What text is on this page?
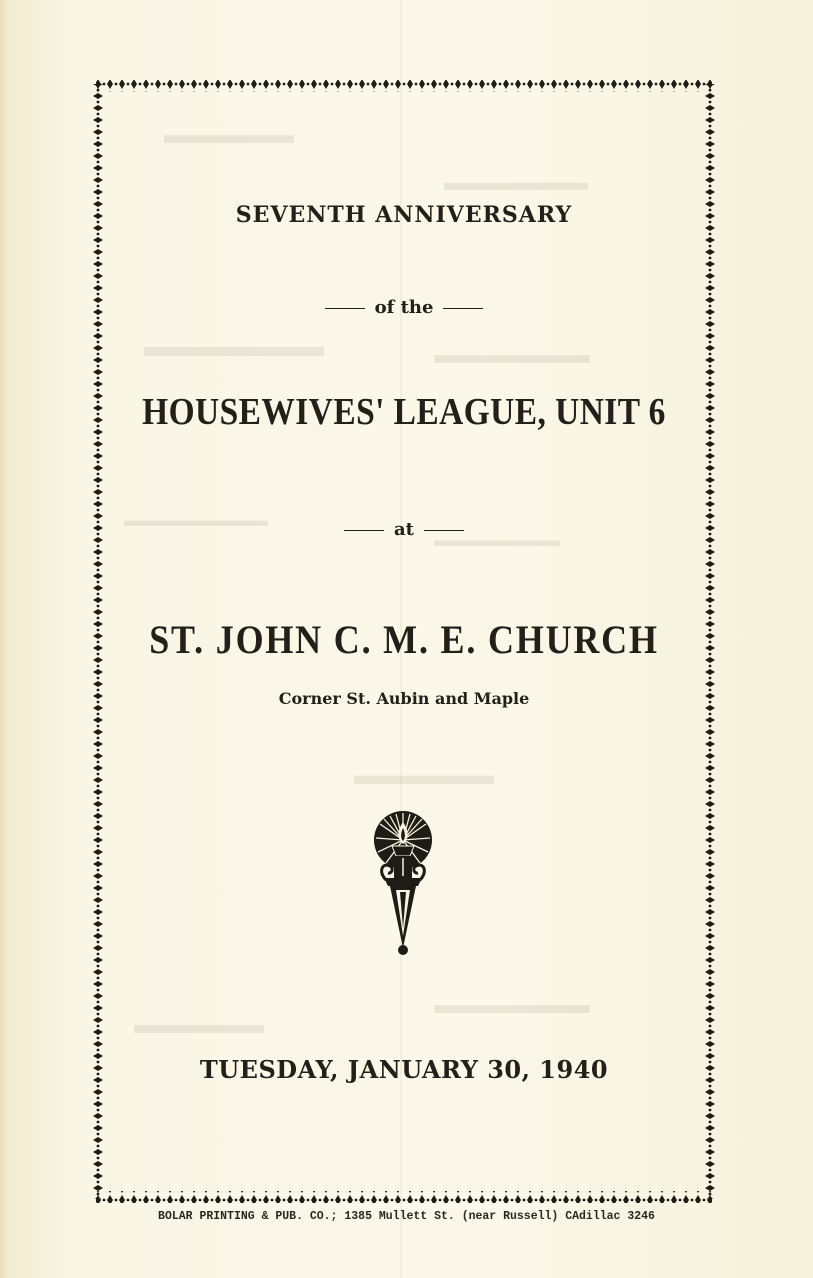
SEVENTH ANNIVERSARY
of the
HOUSEWIVES' LEAGUE, UNIT 6
at
ST. JOHN C. M. E. CHURCH
Corner St. Aubin and Maple
TUESDAY, JANUARY 30, 1940
BOLAR PRINTING & PUB. CO.; 1385 Mullett St. (near Russell) CAdillac 3246
